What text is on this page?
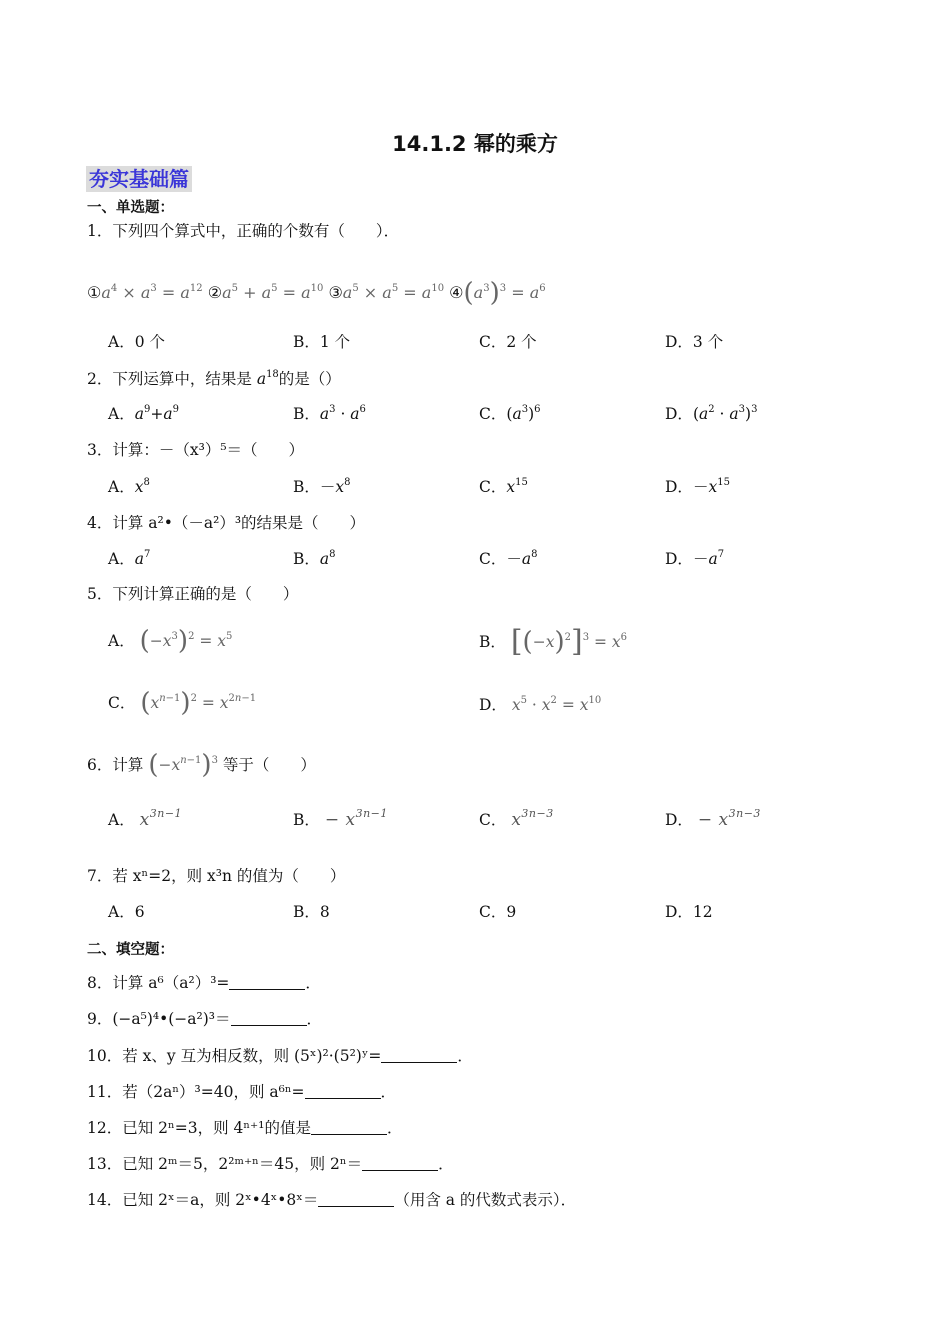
14.1.2 幂的乘方
夯实基础篇
一、单选题：
1．下列四个算式中，正确的个数有（　　）．
$①a^4 \times a^3 = a^{12}$ $②a^5 + a^5 = a^{10}$ $③a^5 \times a^5 = a^{10}$ $④(a^3)^3 = a^6$
A．0 个	B．1 个	C．2 个	D．3 个
2．下列运算中，结果是 $a^{18}$的是（）
A．$a^9+a^9$	B．$a^3 \cdot a^6$	C．$(a^3)^6$	D．$(a^2 \cdot a^3)^3$
3．计算：－（x³）⁵＝（　　）
A．$x^8$	B．$-x^8$	C．$x^{15}$	D．$-x^{15}$
4．计算 a²•（－a²）³的结果是（　　）
A．$a^7$	B．$a^8$	C．$-a^8$	D．$-a^7$
5．下列计算正确的是（　　）
A． $(-x^3)^2 = x^5$	B． $[(-x)^2]^3 = x^6$
C． $(x^{n-1})^2 = x^{2n-1}$	D． $x^5 \cdot x^2 = x^{10}$
6．计算 $(-x^{n-1})^3$ 等于（　　）
A． $x^{3n-1}$	B． − $x^{3n-1}$	C． $x^{3n-3}$	D． − $x^{3n-3}$
7．若 xⁿ=2，则 x³n 的值为（　　）
A．6	B．8	C．9	D．12
二、填空题：
8．计算 a⁶（a²）³=	．
9．(−a⁵)⁴•(−a²)³＝	．
10．若 x、y 互为相反数，则 (5ˣ)²·(5²)ʸ=	．
11．若（2aⁿ）³=40，则 a⁶ⁿ=	．
12．已知 2ⁿ=3，则 4ⁿ⁺¹的值是	．
13．已知 2ᵐ＝5，2²ᵐ⁺ⁿ＝45，则 2ⁿ＝	．
14．已知 2ˣ＝a，则 2ˣ•4ˣ•8ˣ＝	（用含 a 的代数式表示）．
